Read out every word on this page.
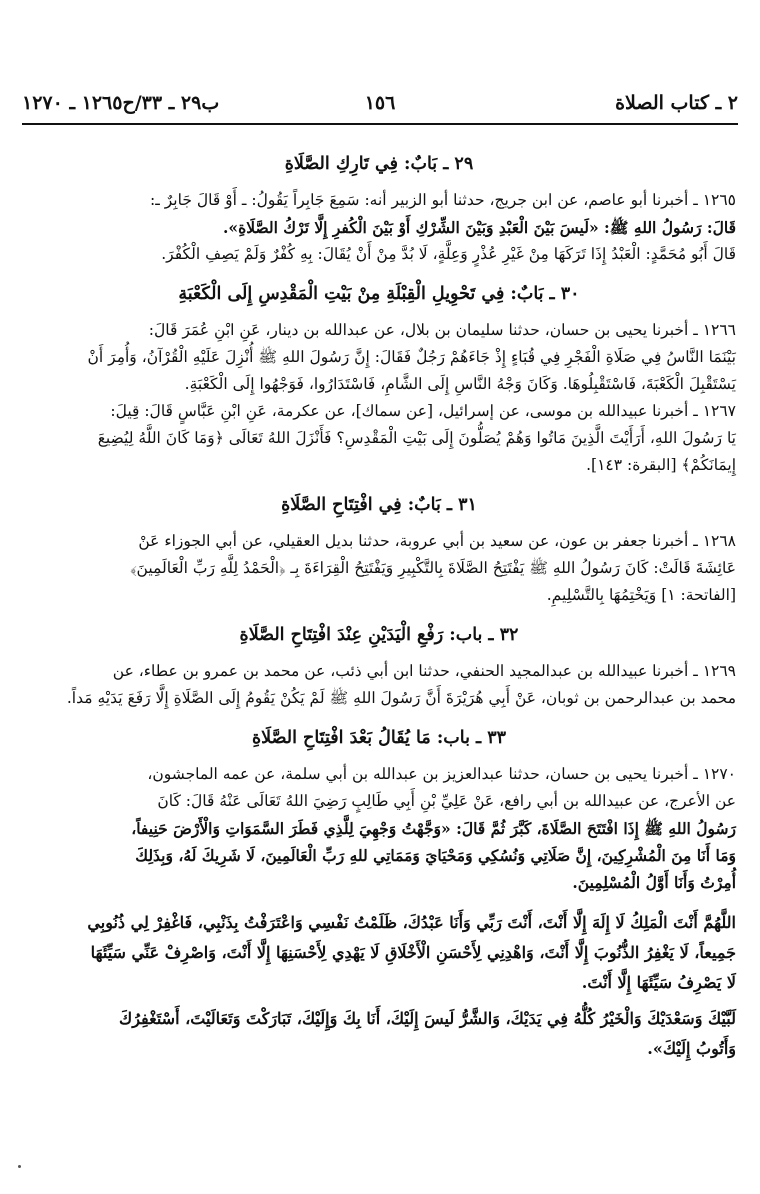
٢ ـ كتاب الصلاة
١٥٦
ب٢٩ ـ ٣٣/ح١٢٦٥ ـ ١٢٧٠
٢٩ ـبَابٌ: فِي تَارِكِ الصَّلَاةِ
١٢٦٥ ـ أخبرنا أبو عاصم، عن ابن جريج، حدثنا أبو الزبير أنه: سَمِعَ جَابِراً يَقُولُ: ـ أَوْ قَالَ جَابِرٌ ـ:
قَالَ: رَسُولُ اللهِ ﷺ: «لَيسَ بَيْنَ الْعَبْدِ وَبَيْنَ الشِّرْكِ أَوْ بَيْنَ الْكُفرِ إِلَّا تَرْكُ الصَّلَاةِ».
قَالَ أَبُو مُحَمَّدٍ: الْعَبْدُ إِذَا تَرَكَهَا مِنْ غَيْرِ عُذْرٍ وَعِلَّةٍ، لَا بُدَّ مِنْ أَنْ يُقَالَ: بِهِ كُفْرٌ وَلَمْ يَصِفِ الْكُفْرَ.
٣٠ ـبَابٌ: فِي تَحْوِيلِ الْقِبْلَةِ مِنْ بَيْتِ الْمَقْدِسِ إِلَى الْكَعْبَةِ
١٢٦٦ ـ أخبرنا يحيى بن حسان، حدثنا سليمان بن بلال، عن عبدالله بن دينار، عَنِ ابْنِ عُمَرَ قَالَ:
بَيْنَمَا النَّاسُ فِي صَلَاةِ الْفَجْرِ فِي قُبَاءٍ إِذْ جَاءَهُمْ رَجُلٌ فَقَالَ: إِنَّ رَسُولَ اللهِ ﷺ أُنْزِلَ عَلَيْهِ الْقُرْآنُ، وَأُمِرَ أَنْ
يَسْتَقْبِلَ الْكَعْبَةَ، فَاسْتَقْبِلُوهَا. وَكَانَ وَجْهُ النَّاسِ إِلَى الشَّامِ، فَاسْتَدَارُوا، فَوَجْهُوا إِلَى الْكَعْبَةِ.
١٢٦٧ ـ أخبرنا عبيدالله بن موسى، عن إسرائيل، [عن سماك]، عن عكرمة، عَنِ ابْنِ عَبَّاسٍ قَالَ: قِيلَ:
يَا رَسُولَ اللهِ، أَرَأَيْتَ الَّذِينَ مَاتُوا وَهُمْ يُصَلُّونَ إِلَى بَيْتِ الْمَقْدِسِ؟ فَأَنْزَلَ اللهُ تَعَالَى ﴿وَمَا كَانَ اللَّهُ لِيُضِيعَ
إِيمَانَكُمْ﴾ [البقرة: ١٤٣].
٣١ ـبَابٌ: فِي افْتِتَاحِ الصَّلَاةِ
١٢٦٨ ـ أخبرنا جعفر بن عون، عن سعيد بن أبي عروبة، حدثنا بديل العقيلي، عن أبي الجوزاء عَنْ
عَائِشَةَ قَالَتْ: كَانَ رَسُولُ اللهِ ﷺ يَفْتَتِحُ الصَّلَاةَ بِالتَّكْبِيرِ وَيَفْتَتِحُ الْقِرَاءَةَ بِـ ﴿الْحَمْدُ لِلَّهِ رَبِّ الْعَالَمِينَ﴾
[الفاتحة: ١] وَيَخْتِمُهَا بِالتَّسْلِيمِ.
٣٢ ـباب: رَفْعِ الْيَدَيْنِ عِنْدَ افْتِتَاحِ الصَّلَاةِ
١٢٦٩ ـ أخبرنا عبيدالله بن عبدالمجيد الحنفي، حدثنا ابن أبي ذئب، عن محمد بن عمرو بن عطاء، عن
محمد بن عبدالرحمن بن ثوبان، عَنْ أَبِي هُرَيْرَةَ أَنَّ رَسُولَ اللهِ ﷺ لَمْ يَكُنْ يَقُومُ إِلَى الصَّلَاةِ إِلَّا رَفَعَ يَدَيْهِ مَداً.
٣٣ ـباب: مَا يُقَالُ بَعْدَ افْتِتَاحِ الصَّلَاةِ
١٢٧٠ ـ أخبرنا يحيى بن حسان، حدثنا عبدالعزيز بن عبدالله بن أبي سلمة، عن عمه الماجشون،
عن الأعرج، عن عبيدالله بن أبي رافع، عَنْ عَلِيِّ بْنِ أَبِي طَالِبٍ رَضِيَ اللهُ تَعَالَى عَنْهُ قَالَ: كَانَ
رَسُولُ اللهِ ﷺ إِذَا افْتَتَحَ الصَّلَاةَ، كَبَّرَ ثُمَّ قَالَ: «وَجَّهْتُ وَجْهِيَ لِلَّذِي فَطَرَ السَّمَوَاتِ وَالْأَرْضَ حَنِيفاً،
وَمَا أَنَا مِنَ الْمُشْرِكِينَ، إِنَّ صَلَاتِي وَنُسُكِي وَمَحْيَايَ وَمَمَاتِي للهِ رَبِّ الْعَالَمِينَ، لَا شَرِيكَ لَهُ، وَبِذَلِكَ
أُمِرْتُ وَأَنَا أَوَّلُ الْمُسْلِمِينَ.

اللَّهُمَّ أَنْتَ الْمَلِكُ لَا إِلَهَ إِلَّا أَنْتَ، أَنْتَ رَبِّي وَأَنَا عَبْدُكَ، ظَلَمْتُ نَفْسِي وَاعْتَرَفْتُ بِذَنْبِي، فَاغْفِرْ لِي ذُنُوبِي
جَمِيعاً، لَا يَغْفِرُ الذُّنُوبَ إِلَّا أَنْتَ، وَاهْدِنِي لِأَحْسَنِ الْأَخْلَاقِ لَا يَهْدِي لِأَحْسَنِهَا إِلَّا أَنْتَ، وَاصْرِفْ عَنِّي سَيِّئَهَا
لَا يَصْرِفُ سَيِّئَهَا إِلَّا أَنْتَ.

لَبَّيْكَ وَسَعْدَيْكَ وَالْخَيْرُ كُلُّهُ فِي يَدَيْكَ، وَالشَّرُّ لَيسَ إِلَيْكَ، أَنَا بِكَ وَإِلَيْكَ، تَبَارَكْتَ وَتَعَالَيْتَ، أَسْتَغْفِرُكَ
وَأَتُوبُ إِلَيْكَ».
